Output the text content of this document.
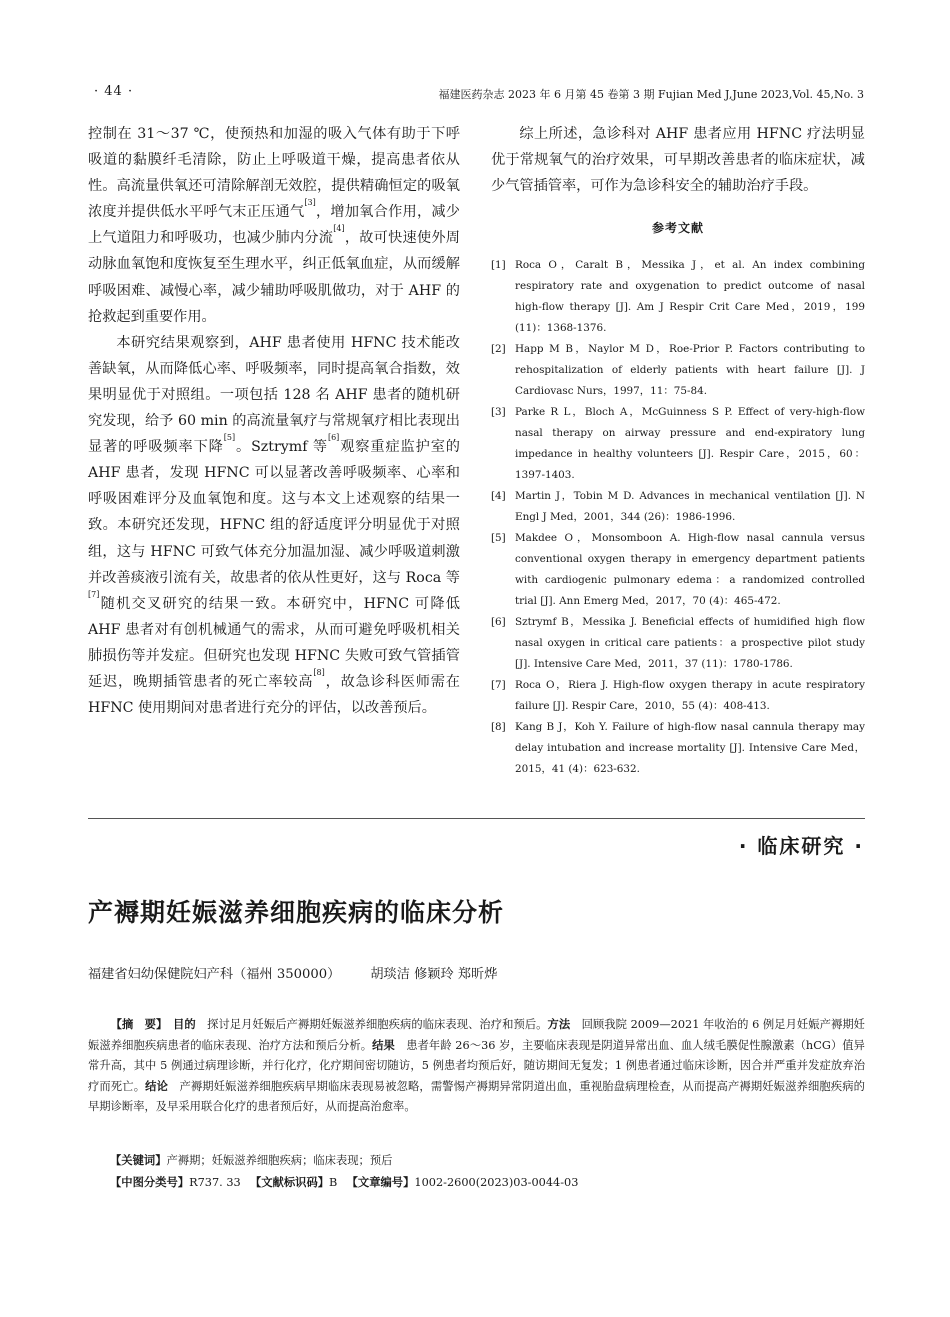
· 44 ·	福建医药杂志 2023 年 6 月第 45 卷第 3 期 Fujian Med J,June 2023,Vol. 45,No. 3

控制在 31～37 ℃，使预热和加湿的吸入气体有助于下呼吸道的黏膜纤毛清除，防止上呼吸道干燥，提高患者依从性。高流量供氧还可清除解剖无效腔，提供精确恒定的吸氧浓度并提供低水平呼气末正压通气[3]，增加氧合作用，减少上气道阻力和呼吸功，也减少肺内分流[4]，故可快速使外周动脉血氧饱和度恢复至生理水平，纠正低氧血症，从而缓解呼吸困难、减慢心率，减少辅助呼吸肌做功，对于 AHF 的抢救起到重要作用。

本研究结果观察到，AHF 患者使用 HFNC 技术能改善缺氧，从而降低心率、呼吸频率，同时提高氧合指数，效果明显优于对照组。一项包括 128 名 AHF 患者的随机研究发现，给予 60 min 的高流量氧疗与常规氧疗相比表现出显著的呼吸频率下降[5]。Sztrymf 等[6]观察重症监护室的 AHF 患者，发现 HFNC 可以显著改善呼吸频率、心率和呼吸困难评分及血氧饱和度。这与本文上述观察的结果一致。本研究还发现，HFNC 组的舒适度评分明显优于对照组，这与 HFNC 可致气体充分加温加湿、减少呼吸道刺激并改善痰液引流有关，故患者的依从性更好，这与 Roca 等[7]随机交叉研究的结果一致。本研究中，HFNC 可降低 AHF 患者对有创机械通气的需求，从而可避免呼吸机相关肺损伤等并发症。但研究也发现 HFNC 失败可致气管插管延迟，晚期插管患者的死亡率较高[8]，故急诊科医师需在 HFNC 使用期间对患者进行充分的评估，以改善预后。

综上所述，急诊科对 AHF 患者应用 HFNC 疗法明显优于常规氧气的治疗效果，可早期改善患者的临床症状，减少气管插管率，可作为急诊科安全的辅助治疗手段。

参考文献
[1] Roca O，Caralt B，Messika J，et al. An index combining respiratory rate and oxygenation to predict outcome of nasal high-flow therapy [J]. Am J Respir Crit Care Med，2019，199 (11)：1368-1376.
[2] Happ M B，Naylor M D，Roe-Prior P. Factors contributing to rehospitalization of elderly patients with heart failure [J]. J Cardiovasc Nurs，1997，11：75-84.
[3] Parke R L，Bloch A，McGuinness S P. Effect of very-high-flow nasal therapy on airway pressure and end-expiratory lung impedance in healthy volunteers [J]. Respir Care，2015，60：1397-1403.
[4] Martin J，Tobin M D. Advances in mechanical ventilation [J]. N Engl J Med，2001，344 (26)：1986-1996.
[5] Makdee O，Monsomboon A. High-flow nasal cannula versus conventional oxygen therapy in emergency department patients with cardiogenic pulmonary edema：a randomized controlled trial [J]. Ann Emerg Med，2017，70 (4)：465-472.
[6] Sztrymf B，Messika J. Beneficial effects of humidified high flow nasal oxygen in critical care patients：a prospective pilot study [J]. Intensive Care Med，2011，37 (11)：1780-1786.
[7] Roca O，Riera J. High-flow oxygen therapy in acute respiratory failure [J]. Respir Care，2010，55 (4)：408-413.
[8] Kang B J，Koh Y. Failure of high-flow nasal cannula therapy may delay intubation and increase mortality [J]. Intensive Care Med，2015，41 (4)：623-632.
· 临床研究 ·
产褥期妊娠滋养细胞疾病的临床分析
福建省妇幼保健院妇产科（福州 350000） 胡琰洁 修颖玲 郑昕烨

【摘　要】　 目的　 探讨足月妊娠后产褥期妊娠滋养细胞疾病的临床表现、治疗和预后。方法　 回顾我院 2009—2021 年收治的 6 例足月妊娠产褥期妊娠滋养细胞疾病患者的临床表现、治疗方法和预后分析。结果　 患者年龄 26～36 岁，主要临床表现是阴道异常出血、血人绒毛膜促性腺激素（hCG）值异常升高，其中 5 例通过病理诊断，并行化疗，化疗期间密切随访，5 例患者均预后好，随访期间无复发；1 例患者通过临床诊断，因合并严重并发症放弃治疗而死亡。结论　 产褥期妊娠滋养细胞疾病早期临床表现易被忽略，需警惕产褥期异常阴道出血，重视胎盘病理检查，从而提高产褥期妊娠滋养细胞疾病的早期诊断率，及早采用联合化疗的患者预后好，从而提高治愈率。

【关键词】产褥期；妊娠滋养细胞疾病；临床表现；预后
【中图分类号】R737. 33 　 【文献标识码】B 　 【文章编号】1002-2600(2023)03-0044-03
